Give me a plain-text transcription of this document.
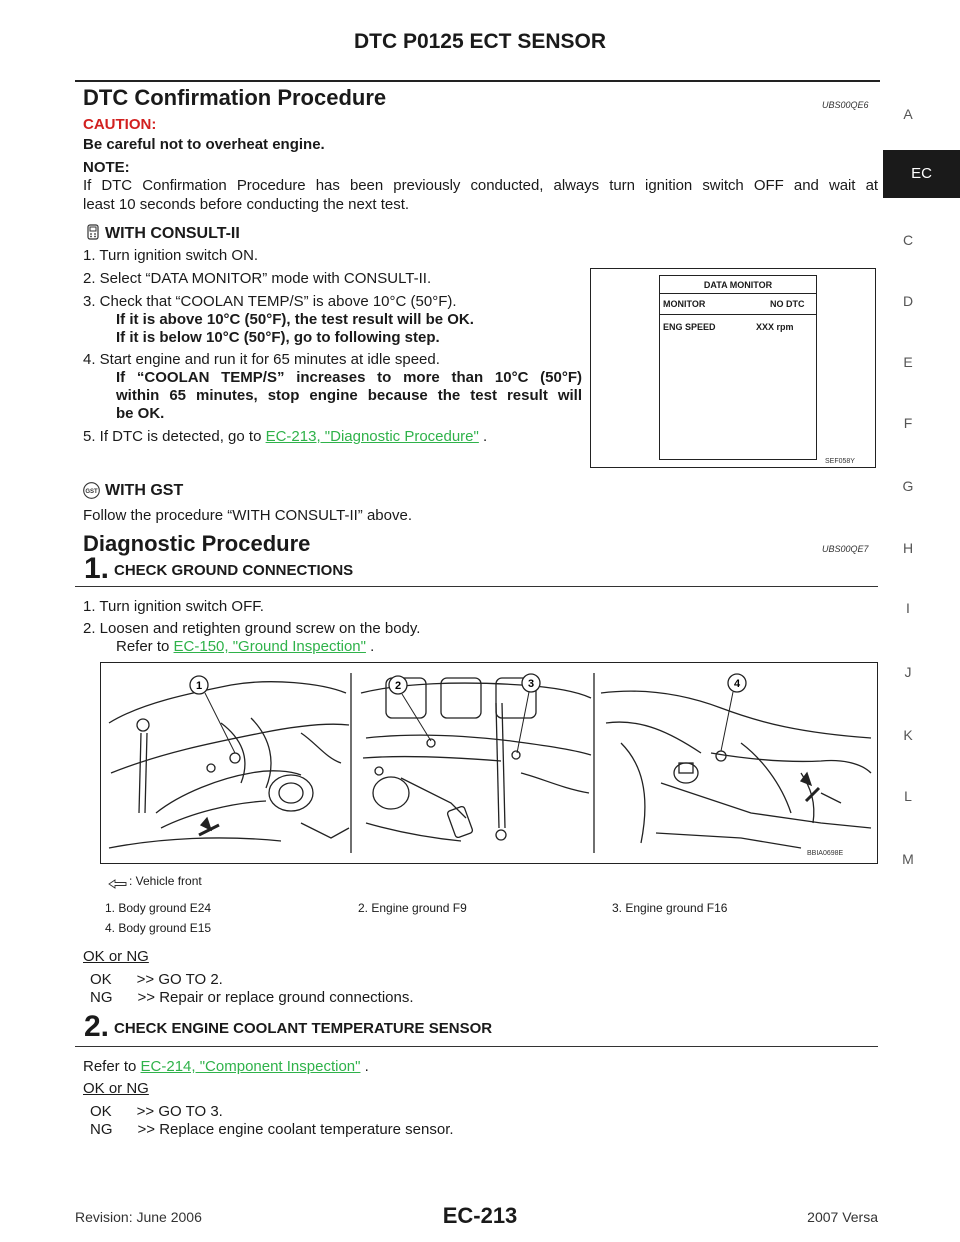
DTC P0125 ECT SENSOR
A
EC
C
D
E
F
G
H
I
J
K
L
M
DTC Confirmation Procedure	UBS00QE6
CAUTION:
Be careful not to overheat engine.
NOTE:
If DTC Confirmation Procedure has been previously conducted, always turn ignition switch OFF and wait at
least 10 seconds before conducting the next test.
WITH CONSULT-II
1. Turn ignition switch ON.
2. Select “DATA MONITOR” mode with CONSULT-II.
3. Check that “COOLAN TEMP/S” is above 10°C (50°F).
If it is above 10°C (50°F), the test result will be OK.
If it is below 10°C (50°F), go to following step.
4. Start engine and run it for 65 minutes at idle speed.
If “COOLAN TEMP/S” increases to more than 10°C (50°F)
within 65 minutes, stop engine because the test result will
be OK.
5. If DTC is detected, go to EC-213, "Diagnostic Procedure" .
DATA MONITOR
MONITOR	NO DTC
ENG SPEED	XXX rpm
SEF058Y
GST WITH GST
Follow the procedure “WITH CONSULT-II” above.
Diagnostic Procedure	UBS00QE7
1. CHECK GROUND CONNECTIONS
1. Turn ignition switch OFF.
2. Loosen and retighten ground screw on the body.
Refer to EC-150, "Ground Inspection" .
1	2	3	4
BBIA0698E
: Vehicle front
1. Body ground E24	2. Engine ground F9	3. Engine ground F16
4. Body ground E15
OK or NG
OK      >> GO TO 2.
NG      >> Repair or replace ground connections.
2. CHECK ENGINE COOLANT TEMPERATURE SENSOR
Refer to EC-214, "Component Inspection" .
OK or NG
OK      >> GO TO 3.
NG      >> Replace engine coolant temperature sensor.
Revision: June 2006	EC-213	2007 Versa
